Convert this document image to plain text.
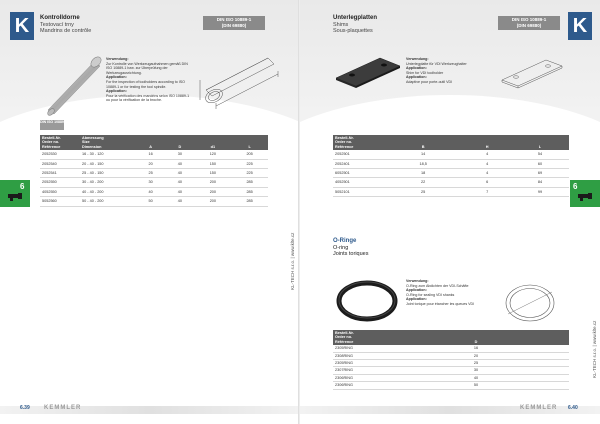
K	Kontrolldorne
Testovací trny
Mandrins de contrôle
DIN ISO 10889-1
(DIN 69880)
Verwendung:
Zur Kontrolle von Werkzeugaufnahmen gemäß DIN ISO 10889-1 bzw. zur Überprüfung der Werkzeugausrichtung.
Application:
For the inspection of toolholders according to ISO 10889-1 or for testing the tool spindle.
Application:
Pour la vérification des mandrins selon ISO 10889-1 ou pour la vérification de la broche.
DIN ISO 10889
Bestell-Nr.
Order no.
Référence	Abmessung
Size
Dimension	A	D	d1	L
2052530	16 - 30 - 120	16	30	120	205
2052540	20 - 40 - 150	20	40	150	225
2052541	25 - 40 - 150	25	40	150	225
2052550	30 - 40 - 200	30	40	200	285
4052550	40 - 40 - 200	40	40	200	285
5052560	50 - 40 - 200	50	40	200	285
6
KL-TECH s.r.o. | www.klte.cz
6.39 KEMMLER
K
Unterlegplatten
Shims
Sous-plaquettes
DIN ISO 10889-1
(DIN 69880)
Verwendung:
Unterlegplatte für VDI Werkzeughalter
Application:
Shim for VDI toolholder
Application:
Adaptive pour porte-outil VDI
Bestell-Nr.
Order no.
Référence	B	H	L
2052501	14	4	54
2052401	18,5	4	60
6052501	18	4	69
4052501	22	6	84
5052101	25	7	99
O-Ringe
O-ring
Joints toriques
Verwendung:
O-Ring zum Abdichten der VDI-Schäfte
Application:
O-Ring for sealing VDI shanks
Application:
Joint torique pour étancher les queues VDI
Bestell-Nr.
Order no.
Référence	D
2305RING	16
2308RING	20
2305RING	25
2307RING	30
2306RING	40
2306RING	50
6
KL-TECH s.r.o. | www.klte.cz
KEMMLER 6.40
